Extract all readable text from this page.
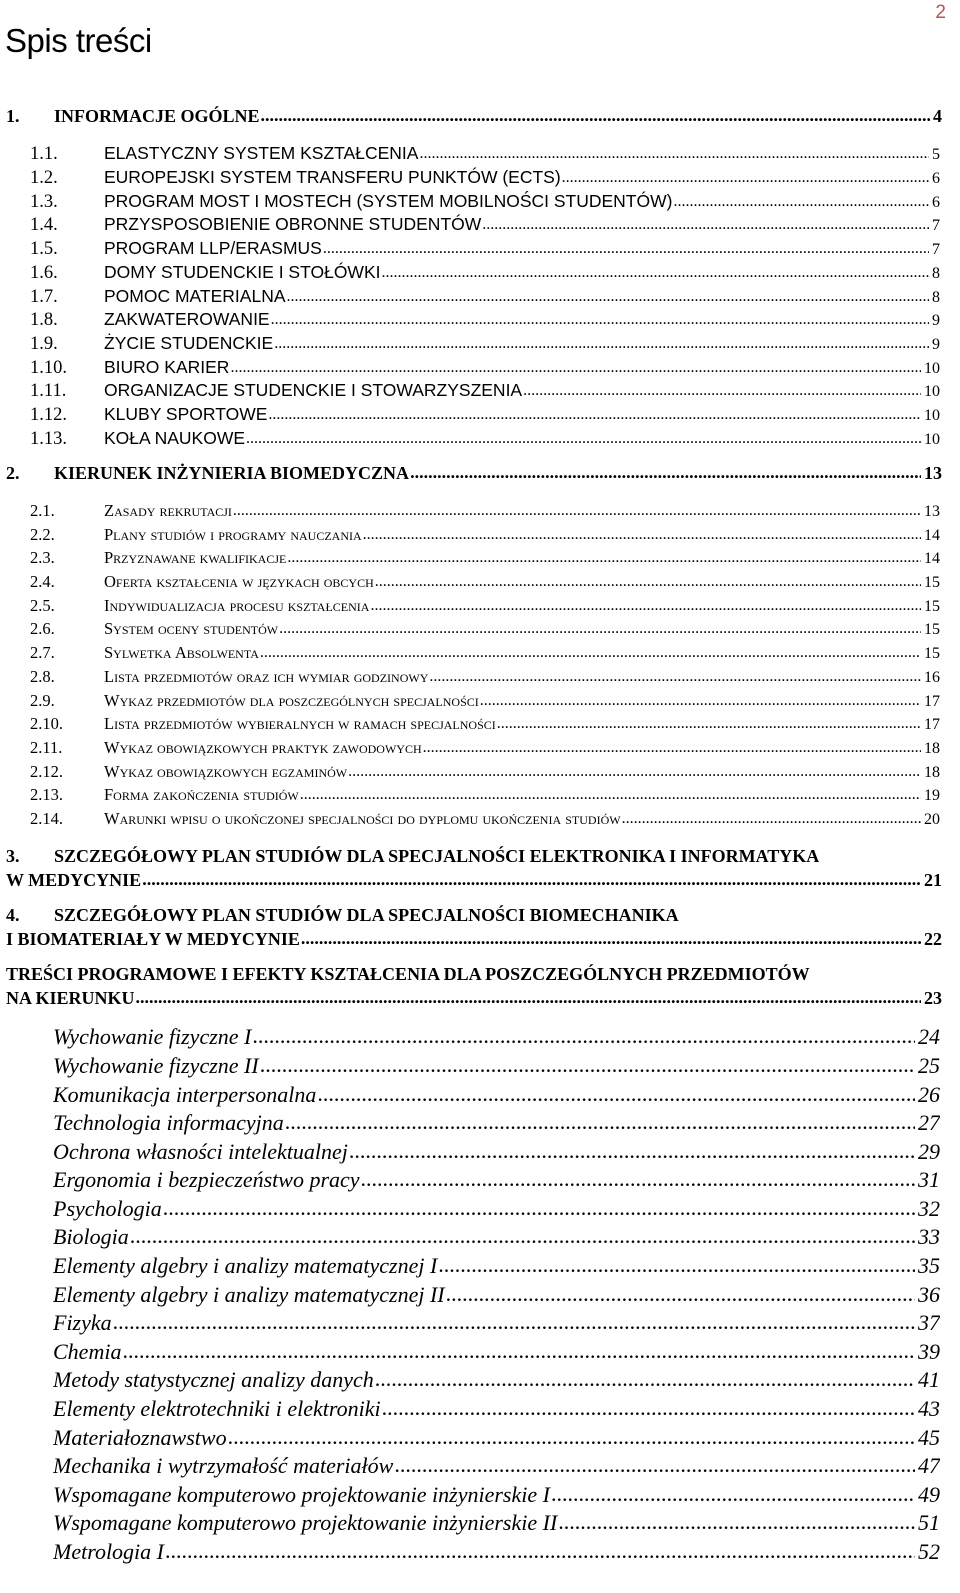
2
Spis treści
1.	INFORMACJE OGÓLNE .....	4
1.1.	ELASTYCZNY SYSTEM KSZTAŁCENIA .....	5
1.2.	EUROPEJSKI SYSTEM TRANSFERU PUNKTÓW (ECTS) .....	6
1.3.	PROGRAM MOST I MOSTECH (SYSTEM MOBILNOŚCI STUDENTÓW) .....	6
1.4.	PRZYSPOSOBIENIE OBRONNE STUDENTÓW .....	7
1.5.	PROGRAM LLP/ERASMUS .....	7
1.6.	DOMY STUDENCKIE I STOŁÓWKI .....	8
1.7.	POMOC MATERIALNA .....	8
1.8.	ZAKWATEROWANIE .....	9
1.9.	ŻYCIE STUDENCKIE .....	9
1.10.	BIURO KARIER .....	10
1.11.	ORGANIZACJE STUDENCKIE I STOWARZYSZENIA .....	10
1.12.	KLUBY SPORTOWE .....	10
1.13.	KOŁA NAUKOWE .....	10
2.	KIERUNEK INŻYNIERIA BIOMEDYCZNA .....	13
2.1.	Zasady rekrutacji .....	13
2.2.	Plany studiów i programy nauczania .....	14
2.3.	Przyznawane kwalifikacje .....	14
2.4.	Oferta kształcenia w językach obcych .....	15
2.5.	Indywidualizacja procesu kształcenia .....	15
2.6.	System oceny studentów .....	15
2.7.	Sylwetka Absolwenta .....	15
2.8.	Lista przedmiotów oraz ich wymiar godzinowy .....	16
2.9.	Wykaz przedmiotów dla poszczególnych specjalności .....	17
2.10.	Lista przedmiotów wybieralnych w ramach specjalności .....	17
2.11.	Wykaz obowiązkowych praktyk zawodowych .....	18
2.12.	Wykaz obowiązkowych egzaminów .....	18
2.13.	Forma zakończenia studiów .....	19
2.14.	Warunki wpisu o ukończonej specjalności do dyplomu ukończenia studiów .....	20
3.	SZCZEGÓŁOWY PLAN STUDIÓW DLA SPECJALNOŚCI ELEKTRONIKA I INFORMATYKA
W MEDYCYNIE .....	21
4.	SZCZEGÓŁOWY PLAN STUDIÓW DLA SPECJALNOŚCI BIOMECHANIKA
I BIOMATERIAŁY W MEDYCYNIE .....	22
TREŚCI PROGRAMOWE I EFEKTY KSZTAŁCENIA DLA POSZCZEGÓLNYCH PRZEDMIOTÓW
NA KIERUNKU .....	23
Wychowanie fizyczne I .....	24
Wychowanie fizyczne II .....	25
Komunikacja interpersonalna .....	26
Technologia informacyjna .....	27
Ochrona własności intelektualnej .....	29
Ergonomia i bezpieczeństwo pracy .....	31
Psychologia .....	32
Biologia .....	33
Elementy algebry i analizy matematycznej I .....	35
Elementy algebry i analizy matematycznej II .....	36
Fizyka .....	37
Chemia .....	39
Metody statystycznej analizy danych .....	41
Elementy elektrotechniki i elektroniki .....	43
Materiałoznawstwo .....	45
Mechanika i wytrzymałość materiałów .....	47
Wspomagane komputerowo projektowanie inżynierskie I .....	49
Wspomagane komputerowo projektowanie inżynierskie II .....	51
Metrologia I .....	52
